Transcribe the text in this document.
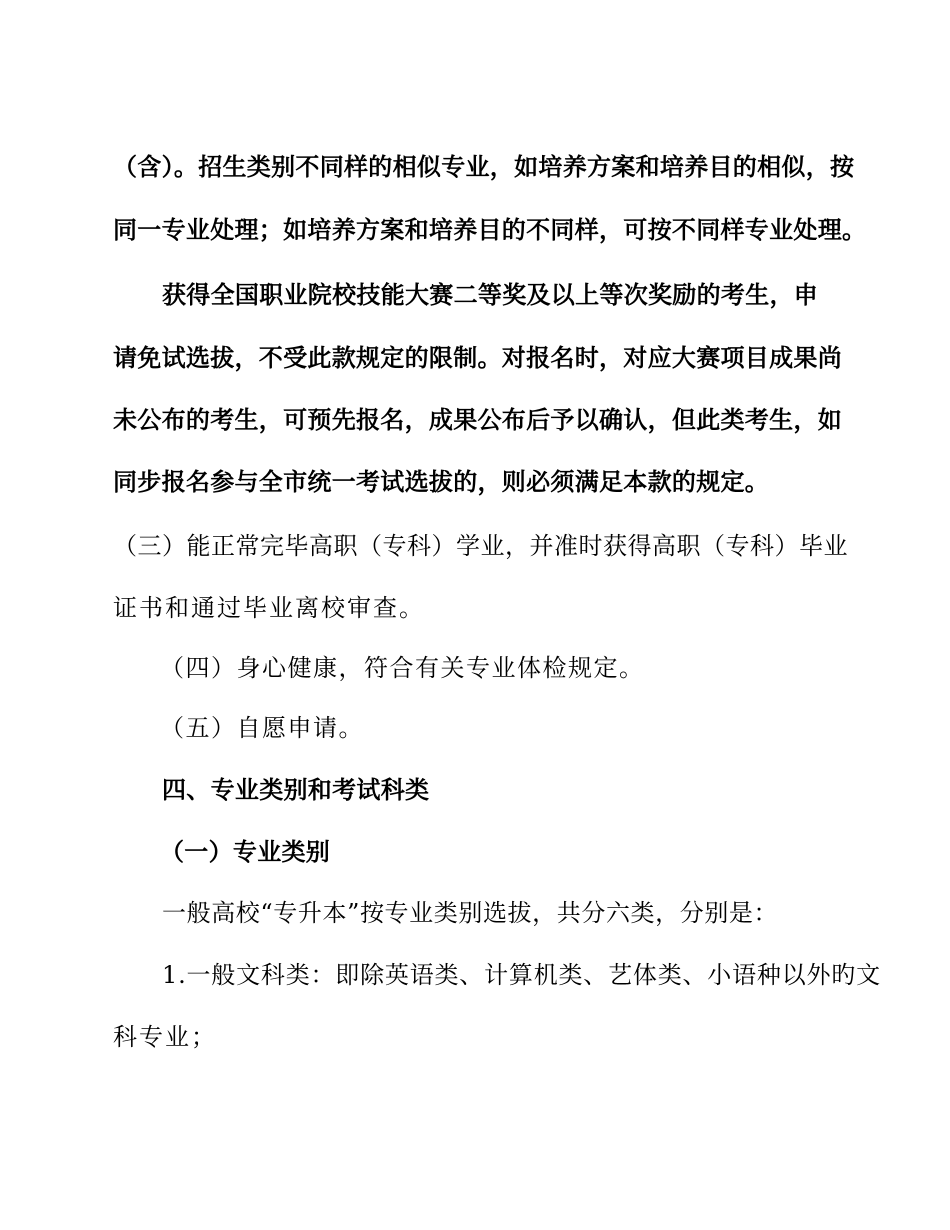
（含）。招生类别不同样的相似专业，如培养方案和培养目的相似，按
同一专业处理；如培养方案和培养目的不同样，可按不同样专业处理。
获得全国职业院校技能大赛二等奖及以上等次奖励的考生，申
请免试选拔，不受此款规定的限制。对报名时，对应大赛项目成果尚
未公布的考生，可预先报名，成果公布后予以确认，但此类考生，如
同步报名参与全市统一考试选拔的，则必须满足本款的规定。
（三）能正常完毕高职（专科）学业，并准时获得高职（专科）毕业
证书和通过毕业离校审查。
（四）身心健康，符合有关专业体检规定。
（五）自愿申请。
四、专业类别和考试科类
（一）专业类别
一般高校“专升本”按专业类别选拔，共分六类，分别是：
1.一般文科类：即除英语类、计算机类、艺体类、小语种以外旳文
科专业；
